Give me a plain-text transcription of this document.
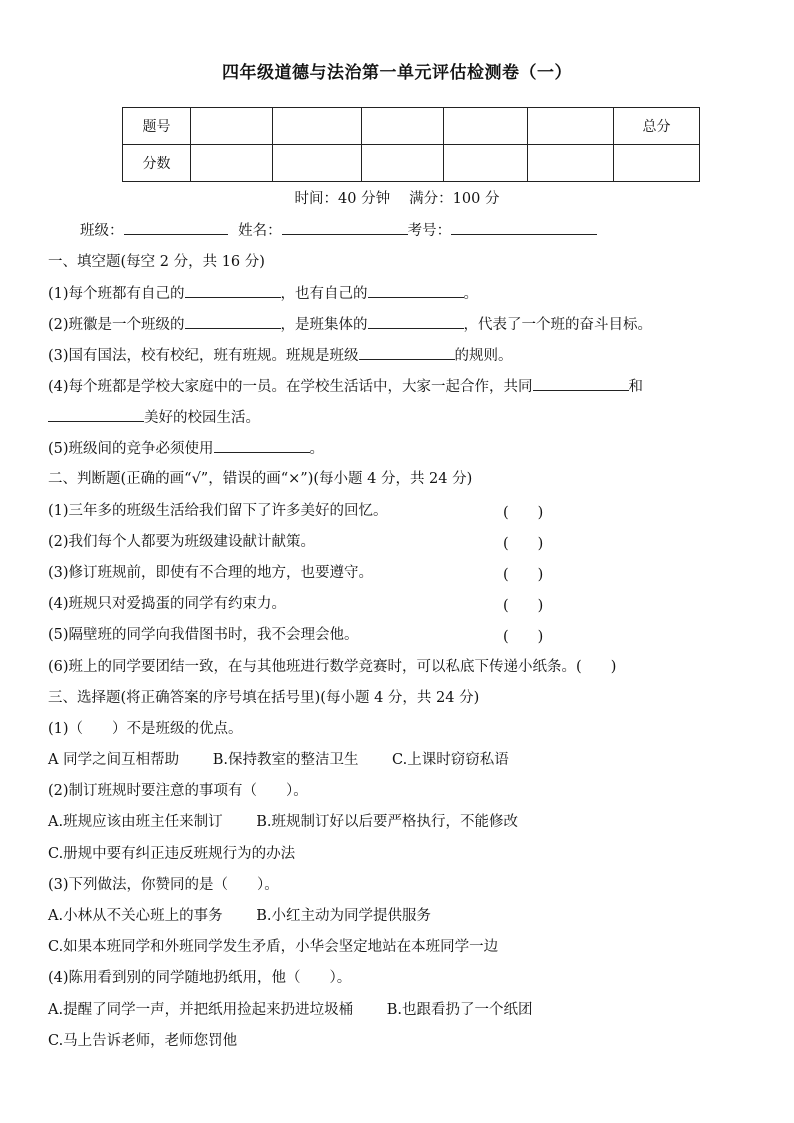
四年级道德与法治第一单元评估检测卷（一）
题号						总分
分数						
时间：40 分钟　 满分：100 分
班级：	姓名：	考号：
一、填空题(每空 2 分，共 16 分)
(1)每个班都有自己的	，也有自己的	。
(2)班徽是一个班级的	，是班集体的	，代表了一个班的奋斗目标。
(3)国有国法，校有校纪，班有班规。班规是班级	的规则。
(4)每个班都是学校大家庭中的一员。在学校生活话中，大家一起合作，共同	和
美好的校园生活。
(5)班级间的竞争必须使用	。
二、判断题(正确的画“√”，错误的画“×”)(每小题 4 分，共 24 分)
(1)三年多的班级生活给我们留下了许多美好的回忆。	(　　)
(2)我们每个人都要为班级建设献计献策。	(　　)
(3)修订班规前，即使有不合理的地方，也要遵守。	(　　)
(4)班规只对爱捣蛋的同学有约束力。	(　　)
(5)隔壁班的同学向我借图书时，我不会理会他。	(　　)
(6)班上的同学要团结一致，在与其他班进行数学竞赛时，可以私底下传递小纸条。(　　)
三、选择题(将正确答案的序号填在括号里)(每小题 4 分，共 24 分)
(1)（　　）不是班级的优点。
A 同学之间互相帮助　　 B.保持教室的整洁卫生　　 C.上课时窃窃私语
(2)制订班规时要注意的事项有（　　）。
A.班规应该由班主任来制订　　 B.班规制订好以后要严格执行，不能修改
C.册规中要有纠正违反班规行为的办法
(3)下列做法，你赞同的是（　　）。
A.小林从不关心班上的事务　　 B.小红主动为同学提供服务
C.如果本班同学和外班同学发生矛盾，小华会坚定地站在本班同学一边
(4)陈用看到别的同学随地扔纸用，他（　　）。
A.提醒了同学一声，并把纸用捡起来扔进垃圾桶　　 B.也跟看扔了一个纸团
C.马上告诉老师，老师您罚他
